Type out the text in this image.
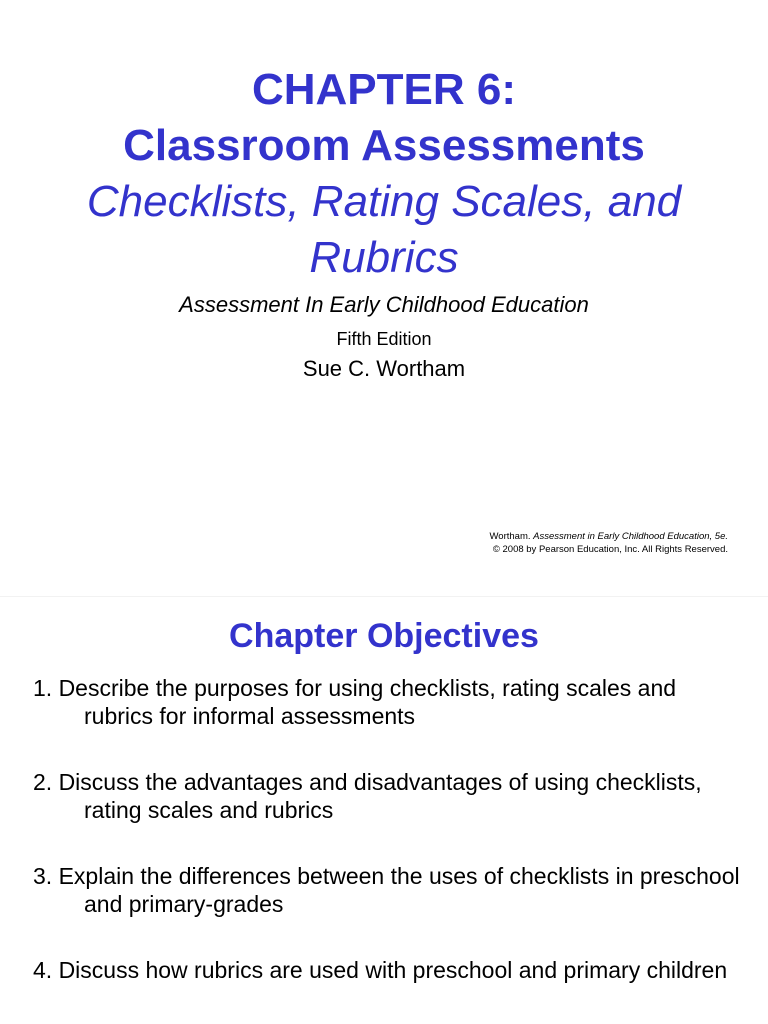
CHAPTER 6:
Classroom Assessments
Checklists, Rating Scales, and Rubrics
Assessment In Early Childhood Education
Fifth Edition
Sue C. Wortham
Wortham. Assessment in Early Childhood Education, 5e.
© 2008 by Pearson Education, Inc. All Rights Reserved.
Chapter Objectives
1. Describe the purposes for using checklists, rating scales and rubrics for informal assessments
2. Discuss the advantages and disadvantages of using checklists, rating scales and rubrics
3. Explain the differences between the uses of checklists in preschool and primary-grades
4. Discuss how rubrics are used with preschool and primary children
